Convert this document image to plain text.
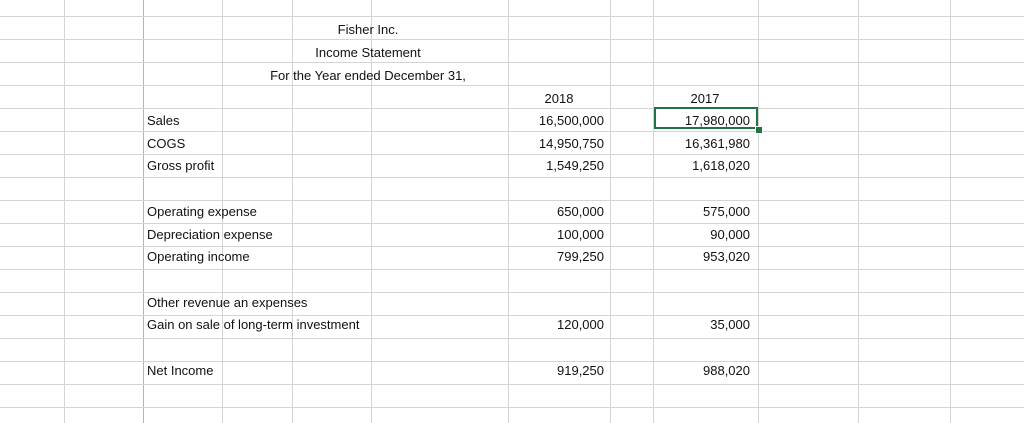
Fisher Inc.
Income Statement
For the Year ended December 31,
2018	2017
Sales	16,500,000	17,980,000
COGS	14,950,750	16,361,980
Gross profit	1,549,250	1,618,020
Operating expense	650,000	575,000
Depreciation expense	100,000	90,000
Operating income	799,250	953,020
Other revenue an expenses
Gain on sale of long-term investment	120,000	35,000
Net Income	919,250	988,020
